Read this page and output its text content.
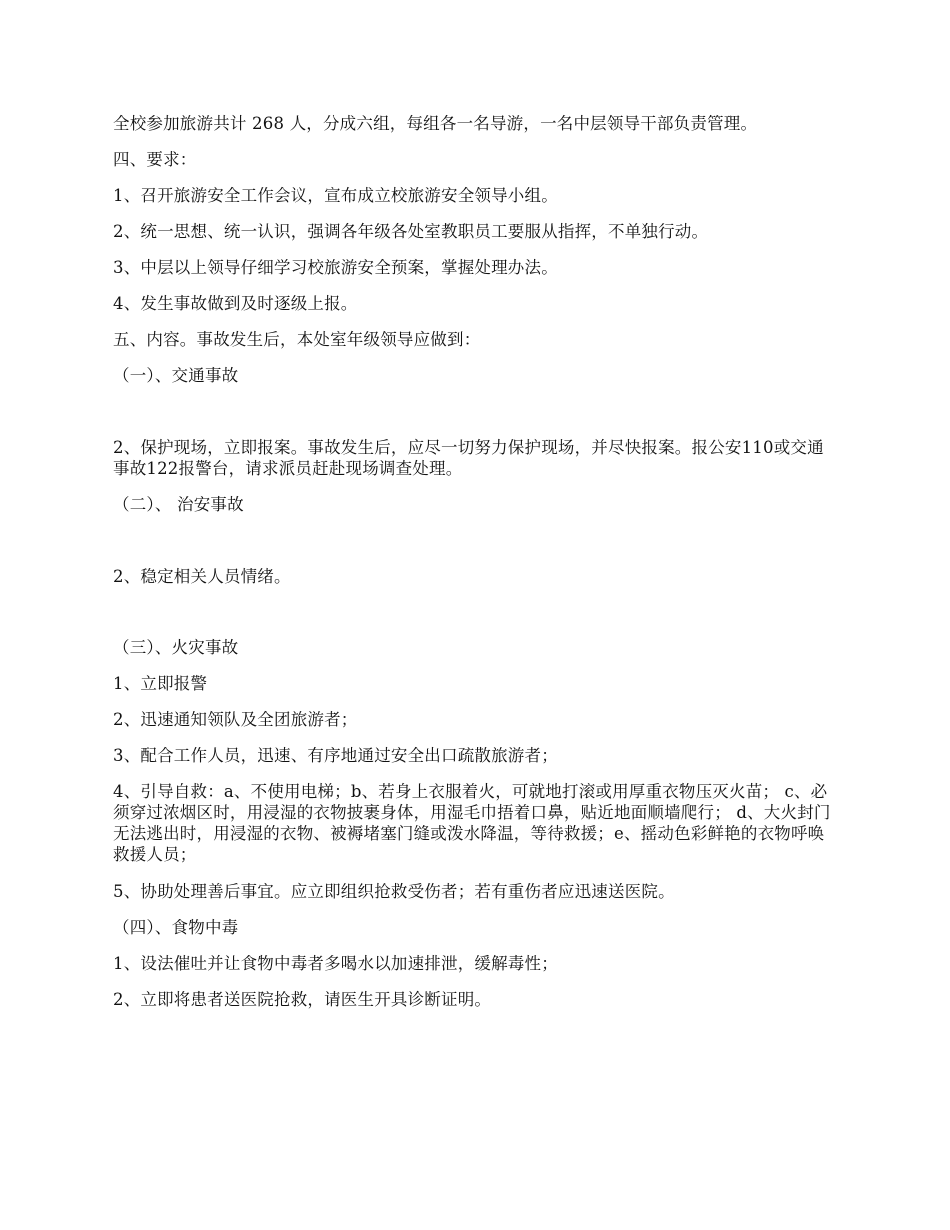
全校参加旅游共计 268 人，分成六组，每组各一名导游，一名中层领导干部负责管理。

四、要求：

1、召开旅游安全工作会议，宣布成立校旅游安全领导小组。

2、统一思想、统一认识，强调各年级各处室教职员工要服从指挥，不单独行动。

3、中层以上领导仔细学习校旅游安全预案，掌握处理办法。

4、发生事故做到及时逐级上报。

五、内容。事故发生后，本处室年级领导应做到：

（一）、交通事故

2、保护现场，立即报案。事故发生后，应尽一切努力保护现场，并尽快报案。报公安110或交通事故122报警台，请求派员赶赴现场调查处理。

（二）、 治安事故

2、稳定相关人员情绪。

（三）、火灾事故

1、立即报警

2、迅速通知领队及全团旅游者；

3、配合工作人员，迅速、有序地通过安全出口疏散旅游者；

4、引导自救：a、不使用电梯；b、若身上衣服着火，可就地打滚或用厚重衣物压灭火苗； c、必须穿过浓烟区时，用浸湿的衣物披裹身体，用湿毛巾捂着口鼻，贴近地面顺墙爬行； d、大火封门无法逃出时，用浸湿的衣物、被褥堵塞门缝或泼水降温，等待救援；e、摇动色彩鲜艳的衣物呼唤救援人员；

5、协助处理善后事宜。应立即组织抢救受伤者；若有重伤者应迅速送医院。

（四）、食物中毒

1、设法催吐并让食物中毒者多喝水以加速排泄，缓解毒性；

2、立即将患者送医院抢救，请医生开具诊断证明。
